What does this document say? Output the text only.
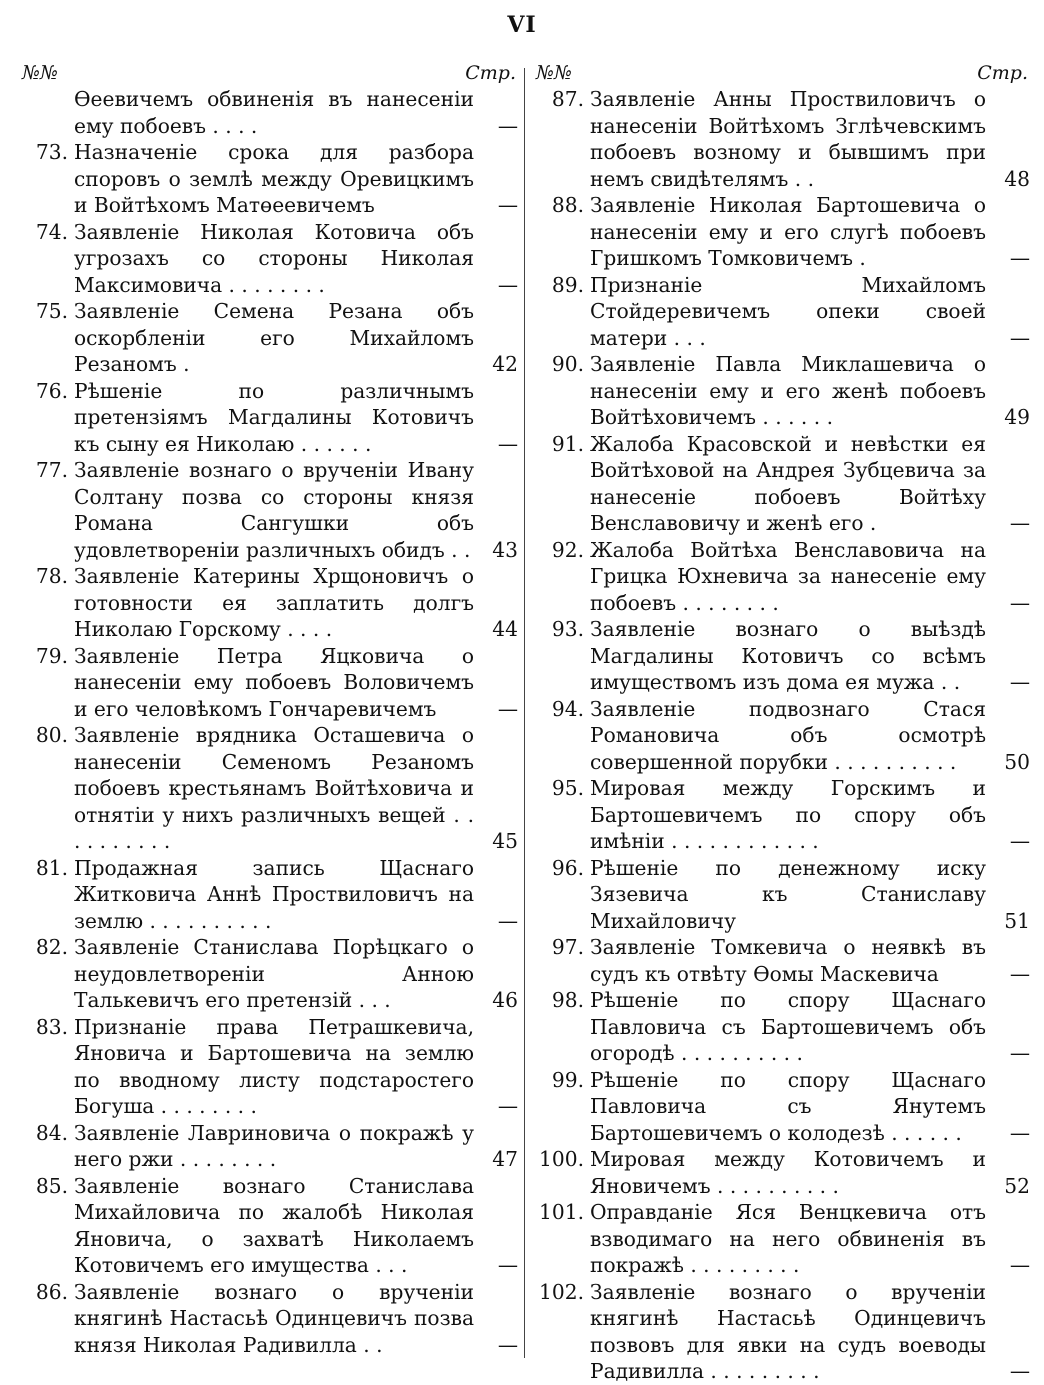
VI
№№	Стр.
Өеевичемъ обвиненія въ нанесеніи ему побоевъ . . . .	—
73. Назначеніе срока для разбора споровъ о землѣ между Оревицкимъ и Войтѣхомъ Матөеевичемъ	—
74. Заявленіе Николая Котовича объ угрозахъ со стороны Николая Максимовича . . . . . . . .	—
75. Заявленіе Семена Резана объ оскорбленіи его Михайломъ Резаномъ .	42
76. Рѣшеніе по различнымъ претензіямъ Магдалины Котовичъ къ сыну ея Николаю . . . . . .	—
77. Заявленіе вознаго о врученіи Ивану Солтану позва со стороны князя Романа Сангушки объ удовлетвореніи различныхъ обидъ . .	43
78. Заявленіе Катерины Хрщоновичъ о готовности ея заплатить долгъ Николаю Горскому . . . .	44
79. Заявленіе Петра Яцковича о нанесеніи ему побоевъ Воловичемъ и его человѣкомъ Гончаревичемъ	—
80. Заявленіе врядника Осташевича о нанесеніи Семеномъ Резаномъ побоевъ крестьянамъ Войтѣховича и отнятіи у нихъ различныхъ вещей . . . . . . . . . .	45
81. Продажная запись Щаснаго Житковича Аннѣ Проствиловичъ на землю . . . . . . . . . .	—
82. Заявленіе Станислава Порѣцкаго о неудовлетвореніи Анною Талькевичъ его претензій . . .	46
83. Признаніе права Петрашкевича, Яновича и Бартошевича на землю по вводному листу подстаростего Богуша . . . . . . . .	—
84. Заявленіе Лавриновича о покражѣ у него ржи . . . . . . . .	47
85. Заявленіе вознаго Станислава Михайловича по жалобѣ Николая Яновича, о захватѣ Николаемъ Котовичемъ его имущества . . .	—
86. Заявленіе вознаго о врученіи княгинѣ Настасьѣ Одинцевичъ позва князя Николая Радивилла . .	—
№№	Стр.
87. Заявленіе Анны Проствиловичъ о нанесеніи Войтѣхомъ Зглѣчевскимъ побоевъ возному и бывшимъ при немъ свидѣтелямъ . .	48
88. Заявленіе Николая Бартошевича о нанесеніи ему и его слугѣ побоевъ Гришкомъ Томковичемъ .	—
89. Признаніе Михайломъ Стойдеревичемъ опеки своей матери . . .	—
90. Заявленіе Павла Миклашевича о нанесеніи ему и его женѣ побоевъ Войтѣховичемъ . . . . . .	49
91. Жалоба Красовской и невѣстки ея Войтѣховой на Андрея Зубцевича за нанесеніе побоевъ Войтѣху Венславовичу и женѣ его .	—
92. Жалоба Войтѣха Венславовича на Грицка Юхневича за нанесеніе ему побоевъ . . . . . . . .	—
93. Заявленіе вознаго о выѣздѣ Магдалины Котовичъ со всѣмъ имуществомъ изъ дома ея мужа . .	—
94. Заявленіе подвознаго Стася Романовича объ осмотрѣ совершенной порубки . . . . . . . . . .	50
95. Мировая между Горскимъ и Бартошевичемъ по спору объ имѣніи . . . . . . . . . . . .	—
96. Рѣшеніе по денежному иску Зязевича къ Станиславу Михайловичу	51
97. Заявленіе Томкевича о неявкѣ въ судъ къ отвѣту Өомы Маскевича	—
98. Рѣшеніе по спору Щаснаго Павловича съ Бартошевичемъ объ огородѣ . . . . . . . . . .	—
99. Рѣшеніе по спору Щаснаго Павловича съ Янутемъ Бартошевичемъ о колодезѣ . . . . . .	—
100. Мировая между Котовичемъ и Яновичемъ . . . . . . . . . .	52
101. Оправданіе Яся Венцкевича отъ взводимаго на него обвиненія въ покражѣ . . . . . . . . .	—
102. Заявленіе вознаго о врученіи княгинѣ Настасьѣ Одинцевичъ позвовъ для явки на судъ воеводы Радивилла . . . . . . . . .	—
